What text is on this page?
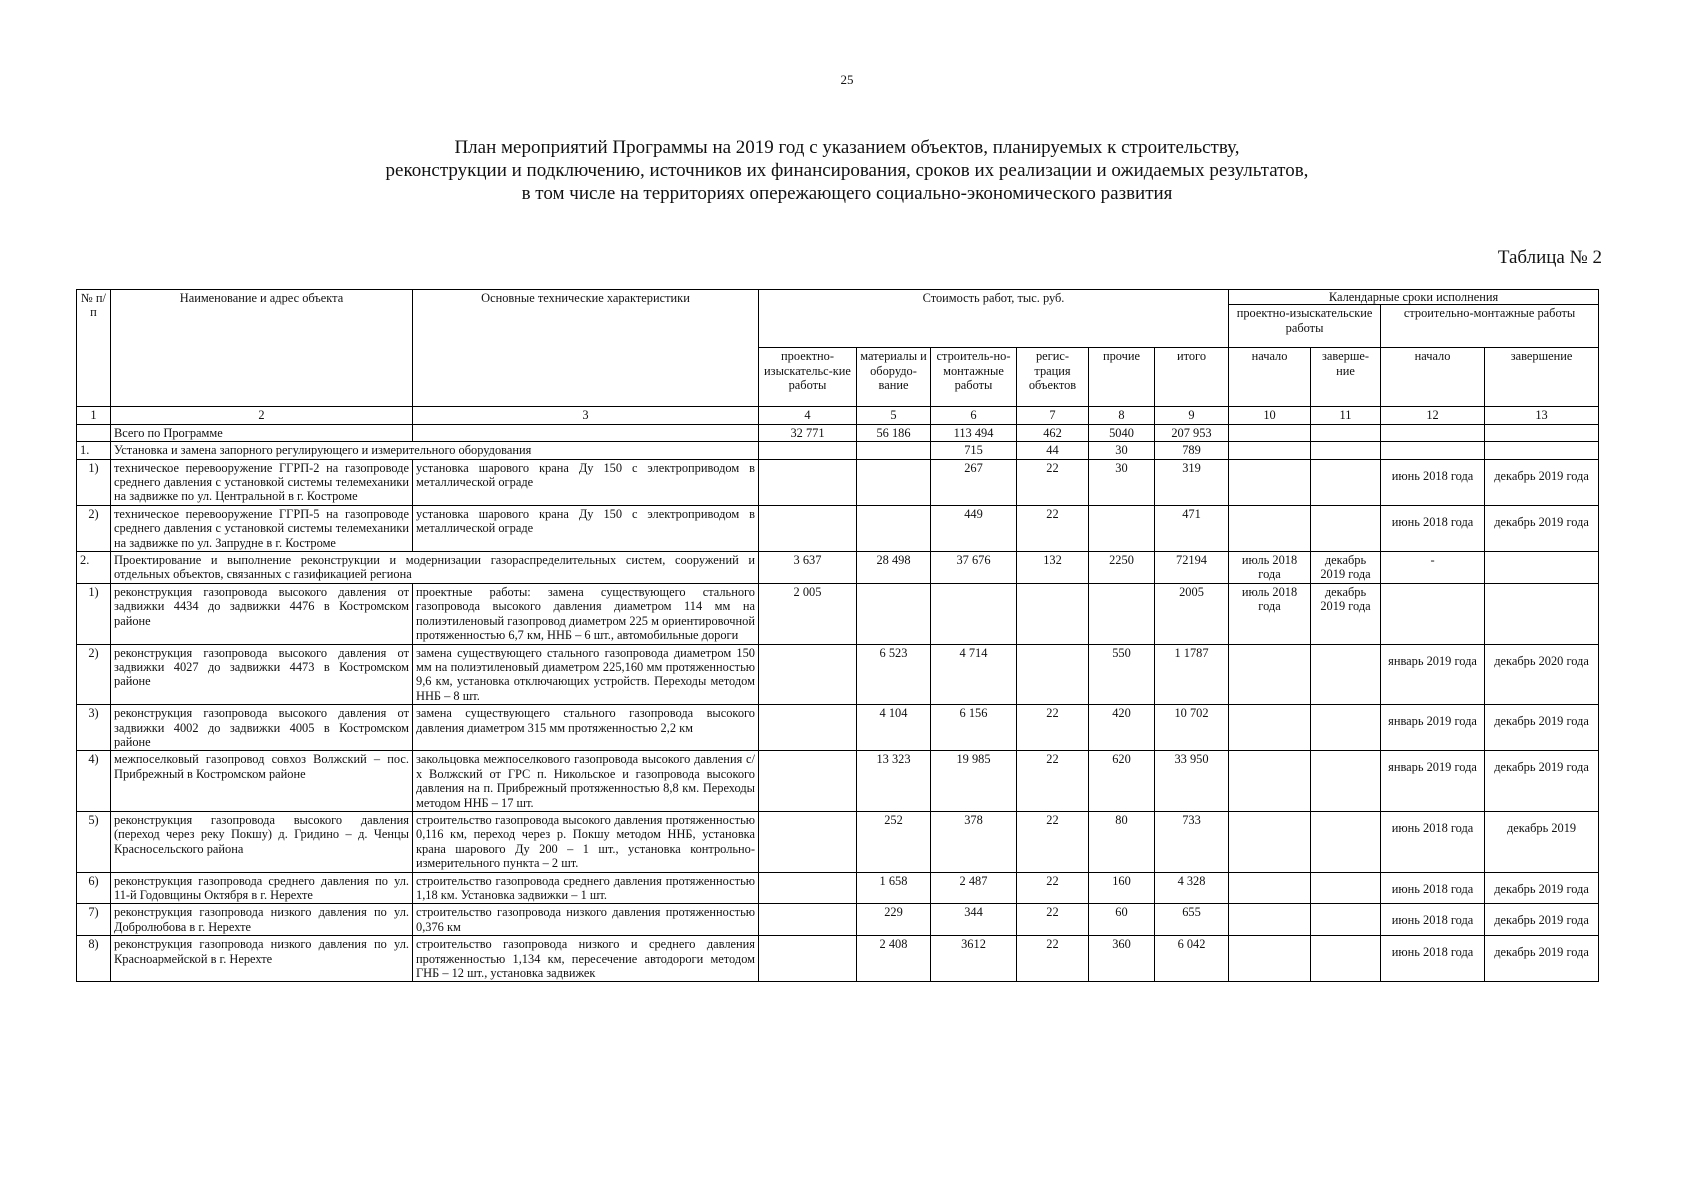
25
План мероприятий Программы на 2019 год с указанием объектов, планируемых к строительству,
реконструкции и подключению, источников их финансирования, сроков их реализации и ожидаемых результатов,
в том числе на территориях опережающего социально-экономического развития
Таблица № 2
№ п/п	Наименование и адрес объекта	Основные технические характеристики	Стоимость работ, тыс. руб.						Календарные сроки исполнения			
									проектно-изыскательские работы		строительно-монтажные работы	
			проектно-изыскательс-кие работы	материалы и оборудо-вание	строитель-но-монтажные работы	регис-трация объектов	прочие	итого	начало	заверше-ние	начало	завершение
1	2	3	4	5	6	7	8	9	10	11	12	13
	Всего по Программе		32 771	56 186	113 494	462	5040	207 953				
1.	Установка и замена запорного регулирующего и измерительного оборудования				715	44	30	789				
1)	техническое перевооружение ГГРП-2 на газопроводе среднего давления с установкой системы телемеханики на задвижке по ул. Центральной в г. Костроме	установка шарового крана Ду 150 с электроприводом в металлической ограде			267	22	30	319			июнь 2018 года	декабрь 2019 года
2)	техническое перевооружение ГГРП-5 на газопроводе среднего давления с установкой системы телемеханики на задвижке по ул. Запрудне в г. Костроме	установка шарового крана Ду 150 с электроприводом в металлической ограде			449	22		471			июнь 2018 года	декабрь 2019 года
2.	Проектирование и выполнение реконструкции и модернизации газораспределительных систем, сооружений и отдельных объектов, связанных с газификацией региона		3 637	28 498	37 676	132	2250	72194	июль 2018 года	декабрь 2019 года	-	
1)	реконструкция газопровода высокого давления от задвижки 4434 до задвижки 4476 в Костромском районе	проектные работы: замена существующего стального газопровода высокого давления диаметром 114 мм на полиэтиленовый газопровод диаметром 225 м ориентировочной протяженностью 6,7 км, ННБ – 6 шт., автомобильные дороги	2 005					2005	июль 2018 года	декабрь 2019 года		
2)	реконструкция газопровода высокого давления от задвижки 4027 до задвижки 4473 в Костромском районе	замена существующего стального газопровода диаметром 150 мм на полиэтиленовый диаметром 225,160 мм протяженностью 9,6 км, установка отключающих устройств. Переходы методом ННБ – 8 шт.		6 523	4 714		550	1 1787			январь 2019 года	декабрь 2020 года
3)	реконструкция газопровода высокого давления от задвижки 4002 до задвижки 4005 в Костромском районе	замена существующего стального газопровода высокого давления диаметром 315 мм протяженностью 2,2 км		4 104	6 156	22	420	10 702			январь 2019 года	декабрь 2019 года
4)	межпоселковый газопровод совхоз Волжский – пос. Прибрежный в Костромском районе	закольцовка межпоселкового газопровода высокого давления с/х Волжский от ГРС п. Никольское и газопровода высокого давления на п. Прибрежный протяженностью 8,8 км. Переходы методом ННБ – 17 шт.		13 323	19 985	22	620	33 950			январь 2019 года	декабрь 2019 года
5)	реконструкция газопровода высокого давления (переход через реку Покшу) д. Гридино – д. Ченцы Красносельского района	строительство газопровода высокого давления протяженностью 0,116 км, переход через р. Покшу методом ННБ, установка крана шарового Ду 200 – 1 шт., установка контрольно-измерительного пункта – 2 шт.		252	378	22	80	733			июнь 2018 года	декабрь 2019
6)	реконструкция газопровода среднего давления по ул. 11-й Годовщины Октября в г. Нерехте	строительство газопровода среднего давления протяженностью 1,18 км. Установка задвижки – 1 шт.		1 658	2 487	22	160	4 328			июнь 2018 года	декабрь 2019 года
7)	реконструкция газопровода низкого давления по ул. Добролюбова в г. Нерехте	строительство газопровода низкого давления протяженностью 0,376 км		229	344	22	60	655			июнь 2018 года	декабрь 2019 года
8)	реконструкция газопровода низкого давления по ул. Красноармейской в г. Нерехте	строительство газопровода низкого и среднего давления протяженностью 1,134 км, пересечение автодороги методом ГНБ – 12 шт., установка задвижек		2 408	3612	22	360	6 042			июнь 2018 года	декабрь 2019 года
